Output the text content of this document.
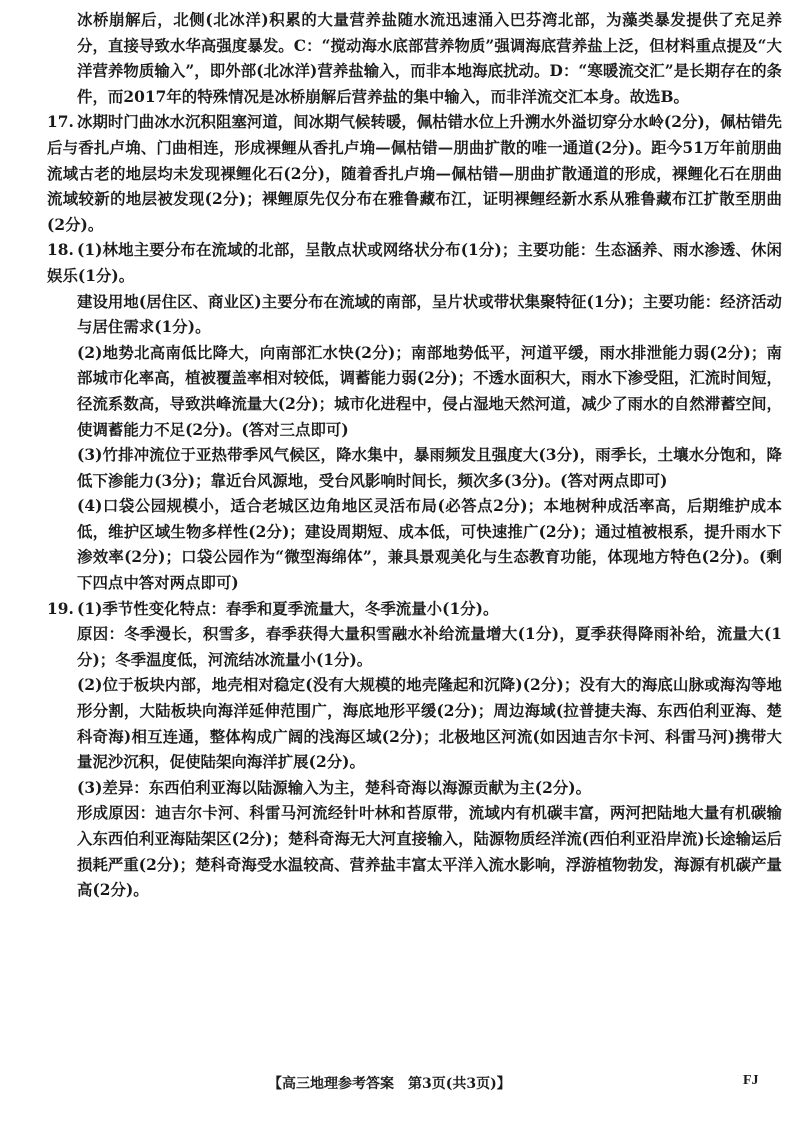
冰桥崩解后，北侧(北冰洋)积累的大量营养盐随水流迅速涌入巴芬湾北部，为藻类暴发提供了充足养分，直接导致水华高强度暴发。C：“搅动海水底部营养物质”强调海底营养盐上泛，但材料重点提及“大洋营养物质输入”，即外部(北冰洋)营养盐输入，而非本地海底扰动。D：“寒暖流交汇”是长期存在的条件，而2017年的特殊情况是冰桥崩解后营养盐的集中输入，而非洋流交汇本身。故选B。

17. 冰期时门曲冰水沉积阻塞河道，间冰期气候转暖，佩枯错水位上升溯水外溢切穿分水岭(2分)，佩枯错先后与香扎卢埆、门曲相连，形成裸鲤从香扎卢埆—佩枯错—朋曲扩散的唯一通道(2分)。距今51万年前朋曲流域古老的地层均未发现裸鲤化石(2分)，随着香扎卢埆—佩枯错—朋曲扩散通道的形成，裸鲤化石在朋曲流域较新的地层被发现(2分)；裸鲤原先仅分布在雅鲁藏布江，证明裸鲤经新水系从雅鲁藏布江扩散至朋曲(2分)。

18. (1)林地主要分布在流域的北部，呈散点状或网络状分布(1分)；主要功能：生态涵养、雨水渗透、休闲娱乐(1分)。

建设用地(居住区、商业区)主要分布在流域的南部，呈片状或带状集聚特征(1分)；主要功能：经济活动与居住需求(1分)。

(2)地势北高南低比降大，向南部汇水快(2分)；南部地势低平，河道平缓，雨水排泄能力弱(2分)；南部城市化率高，植被覆盖率相对较低，调蓄能力弱(2分)；不透水面积大，雨水下渗受阻，汇流时间短，径流系数高，导致洪峰流量大(2分)；城市化进程中，侵占湿地天然河道，减少了雨水的自然滞蓄空间，使调蓄能力不足(2分)。(答对三点即可)

(3)竹排冲流位于亚热带季风气候区，降水集中，暴雨频发且强度大(3分)，雨季长，土壤水分饱和，降低下渗能力(3分)；靠近台风源地，受台风影响时间长，频次多(3分)。(答对两点即可)

(4)口袋公园规模小，适合老城区边角地区灵活布局(必答点2分)；本地树种成活率高，后期维护成本低，维护区域生物多样性(2分)；建设周期短、成本低，可快速推广(2分)；通过植被根系，提升雨水下渗效率(2分)；口袋公园作为“微型海绵体”，兼具景观美化与生态教育功能，体现地方特色(2分)。(剩下四点中答对两点即可)

19. (1)季节性变化特点：春季和夏季流量大，冬季流量小(1分)。

原因：冬季漫长，积雪多，春季获得大量积雪融水补给流量增大(1分)，夏季获得降雨补给，流量大(1分)；冬季温度低，河流结冰流量小(1分)。

(2)位于板块内部，地壳相对稳定(没有大规模的地壳隆起和沉降)(2分)；没有大的海底山脉或海沟等地形分割，大陆板块向海洋延伸范围广，海底地形平缓(2分)；周边海域(拉普捷夫海、东西伯利亚海、楚科奇海)相互连通，整体构成广阔的浅海区域(2分)；北极地区河流(如因迪吉尔卡河、科雷马河)携带大量泥沙沉积，促使陆架向海洋扩展(2分)。

(3)差异：东西伯利亚海以陆源输入为主，楚科奇海以海源贡献为主(2分)。

形成原因：迪吉尔卡河、科雷马河流经针叶林和苔原带，流域内有机碳丰富，两河把陆地大量有机碳输入东西伯利亚海陆架区(2分)；楚科奇海无大河直接输入，陆源物质经洋流(西伯利亚沿岸流)长途输运后损耗严重(2分)；楚科奇海受水温较高、营养盐丰富太平洋入流水影响，浮游植物勃发，海源有机碳产量高(2分)。

【高三地理参考答案　第3页(共3页)】	FJ
